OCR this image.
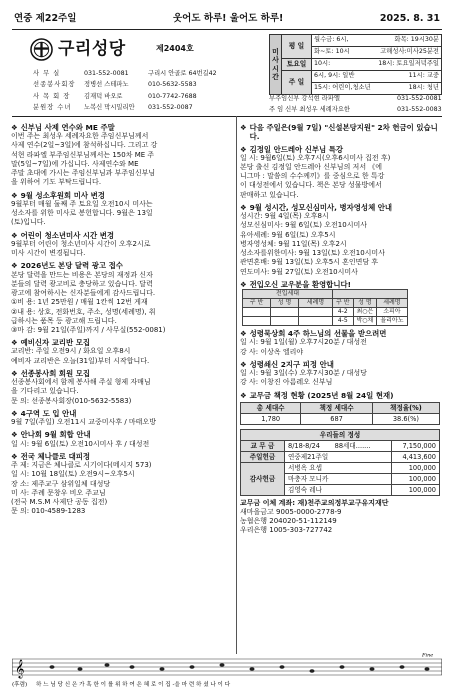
연중 제22주일	웃어도 하루! 울어도 하루!	2025. 8. 31
구리성당	제2404호
사 무 실	031-552-0081	구리시 안골로 64번길42
선종봉사회장	정병선 스테파노	010-5632-5583
사 목 회 장	김재덕 바오로	010-7742-7688
분원장 수녀	노복신 막시밀리안	031-552-0087
미사시간	평 일	월수금: 6시, 화목: 19시30분

		화~토: 10시 고해성사:미사25분전

	토요일	10시: 18시: 토요일저녁주일

	주 일	6시, 9시: 일반 11시: 교중

		15시: 어린이,청소년 18시: 청년
부주임신부 강석현 라파엘	031-552-0081
주 임 신부 최성우 세례자요한	031-552-0083
❖ 신부님 사제 연수와 ME 주말

이번 주는 최성우 세례자요한 주임신부님께서

사제 연수(2일~3일)에 참석하십니다. 그리고 강

석현 라파엘 부주임신부님께서는 150차 ME 주

말(5일~7일)에 가십니다. 사제연수와 ME

주말 초대에 가시는 주임신부님과 부주임신부님

을 위하여 기도 부탁드립니다.

❖ 9월 성소후원회 미사 변경

9월부터 매월 둘째 주 토요일 오전10시 미사는

성소자를 위한 미사로 봉헌합니다. 9월은 13일

(토)입니다.

❖ 어린이 청소년미사 시간 변경

9월부터 어린이 청소년미사 시간이 오후2시로

미사 시간이 변경됩니다.

❖ 2026년도 본당 달력 광고 접수

본당 달력을 만드는 비용은 본당의 재정과 신자

분들의 달력 광고비로 충당하고 있습니다. 달력

광고에 참여하시는 신자분들에게 감사드립니다.

①비 용: 1년 25만원 / 매월 1칸씩 12번 게재

②내 용: 상호, 전화번호, 주소, 성명(세례명), 취

급하시는 품목 등 광고해 드립니다.

③마 감: 9월 21일(주일)까지 / 사무실(552-0081)

❖ 예비신자 교리반 모집

교리반: 주일 오전9시 / 화요일 오후8시

예비자 교리반은 오늘(31일)부터 시작합니다.

❖ 선종봉사회 회원 모집

선종봉사회에서 함께 봉사해 주실 형제 자매님

을 기다리고 있습니다.

문 의: 선종봉사회장(010-5632-5583)

❖ 4구역 도 입 안내

9월 7일(주일) 오전11시 교중미사후 / 마태오방

❖ 안나회 9월 회합 안내

일 시: 9월 6일(토) 오전10시미사 후 / 대성전

❖ 전국 체나클로 대피정

주 제: 지금은 체나클로 시기이다(메시지 573)

일 시: 10월 18일(토) 오전9시~오후5시

장 소: 제주교구 삼위일체 대성당

미 사: 주례 문창우 비오 주교님

(전국 M.S.M 사제단 공동 집전)

문 의: 010-4589-1283

❖ 다음 주일은(9월 7일) "신설본당지원" 2차 헌금이 있습니다.
❖ 김정일 안드레아 신부님 특강

일 시: 9월6일(토) 오후7시(오후6시미사 집전 후)

본당 출신 김정일 안드레아 신부님의 저서 《에

니그마 : 말씀의 수수께끼》를 중심으로 한 특강

이 대성전에서 있습니다. 책은 본당 성물방에서

판매하고 있습니다.

❖ 9월 성시간, 성모신심미사, 병자영성체 안내

성시간: 9월 4일(목) 오후8시

성모신심미사: 9월 6일(토) 오전10시미사

유아세례: 9월 6일(토) 오후5시

병자영성체: 9월 11일(목) 오후2시

성소자를위한미사: 9월 13일(토) 오전10시미사

관면혼배: 9월 13일(토) 오후5시 혼인면담 후

연도미사: 9월 27일(토) 오전10시미사

❖ 전입오신 교우분을 환영합니다!
전입세대					
구 반	성 명	세례명	구 반	성 명	세례명
			4-2	최○은	소피아
			4-5	박○채	율리아노
❖ 성령묵상회 4주 하느님의 선물을 받으려면

일 시: 9월 1일(월) 오후7시20분 / 대성전

강 사: 이상옥 엘리야

❖ 성령쇄신 2지구 피정 안내

일 시: 9월 3일(수) 오후7시30분 / 대성당

강 사: 이창진 아름레오 신부님

❖ 교무금 책정 현황 (2025년 8월 24일 현재)
총 세대수	책정 세대수	책정율(%)
1,780	687	38.6(%)
우리들의 정성		
교 무 금	8/18-8/24 88세대.......	7,150,000
주일헌금	연중제21주일	4,413,600
감사헌금	서병옥 요셉	100,000
	마충자 모니카	100,000
	김영숙 레나	100,000

교무금 이체 계좌: 재)천주교의정부교구유지재단

새마을금고 9005-0000-2778-9

농협은행 204020-51-112149

우리은행 1005-303-727742

𝄞
Fine
(후렴) 하 느 님 당 신 은 가 혹 한 이 를 위 하 여 은 혜 로 이 집 -을 마 련 하 셨 나 이 다
